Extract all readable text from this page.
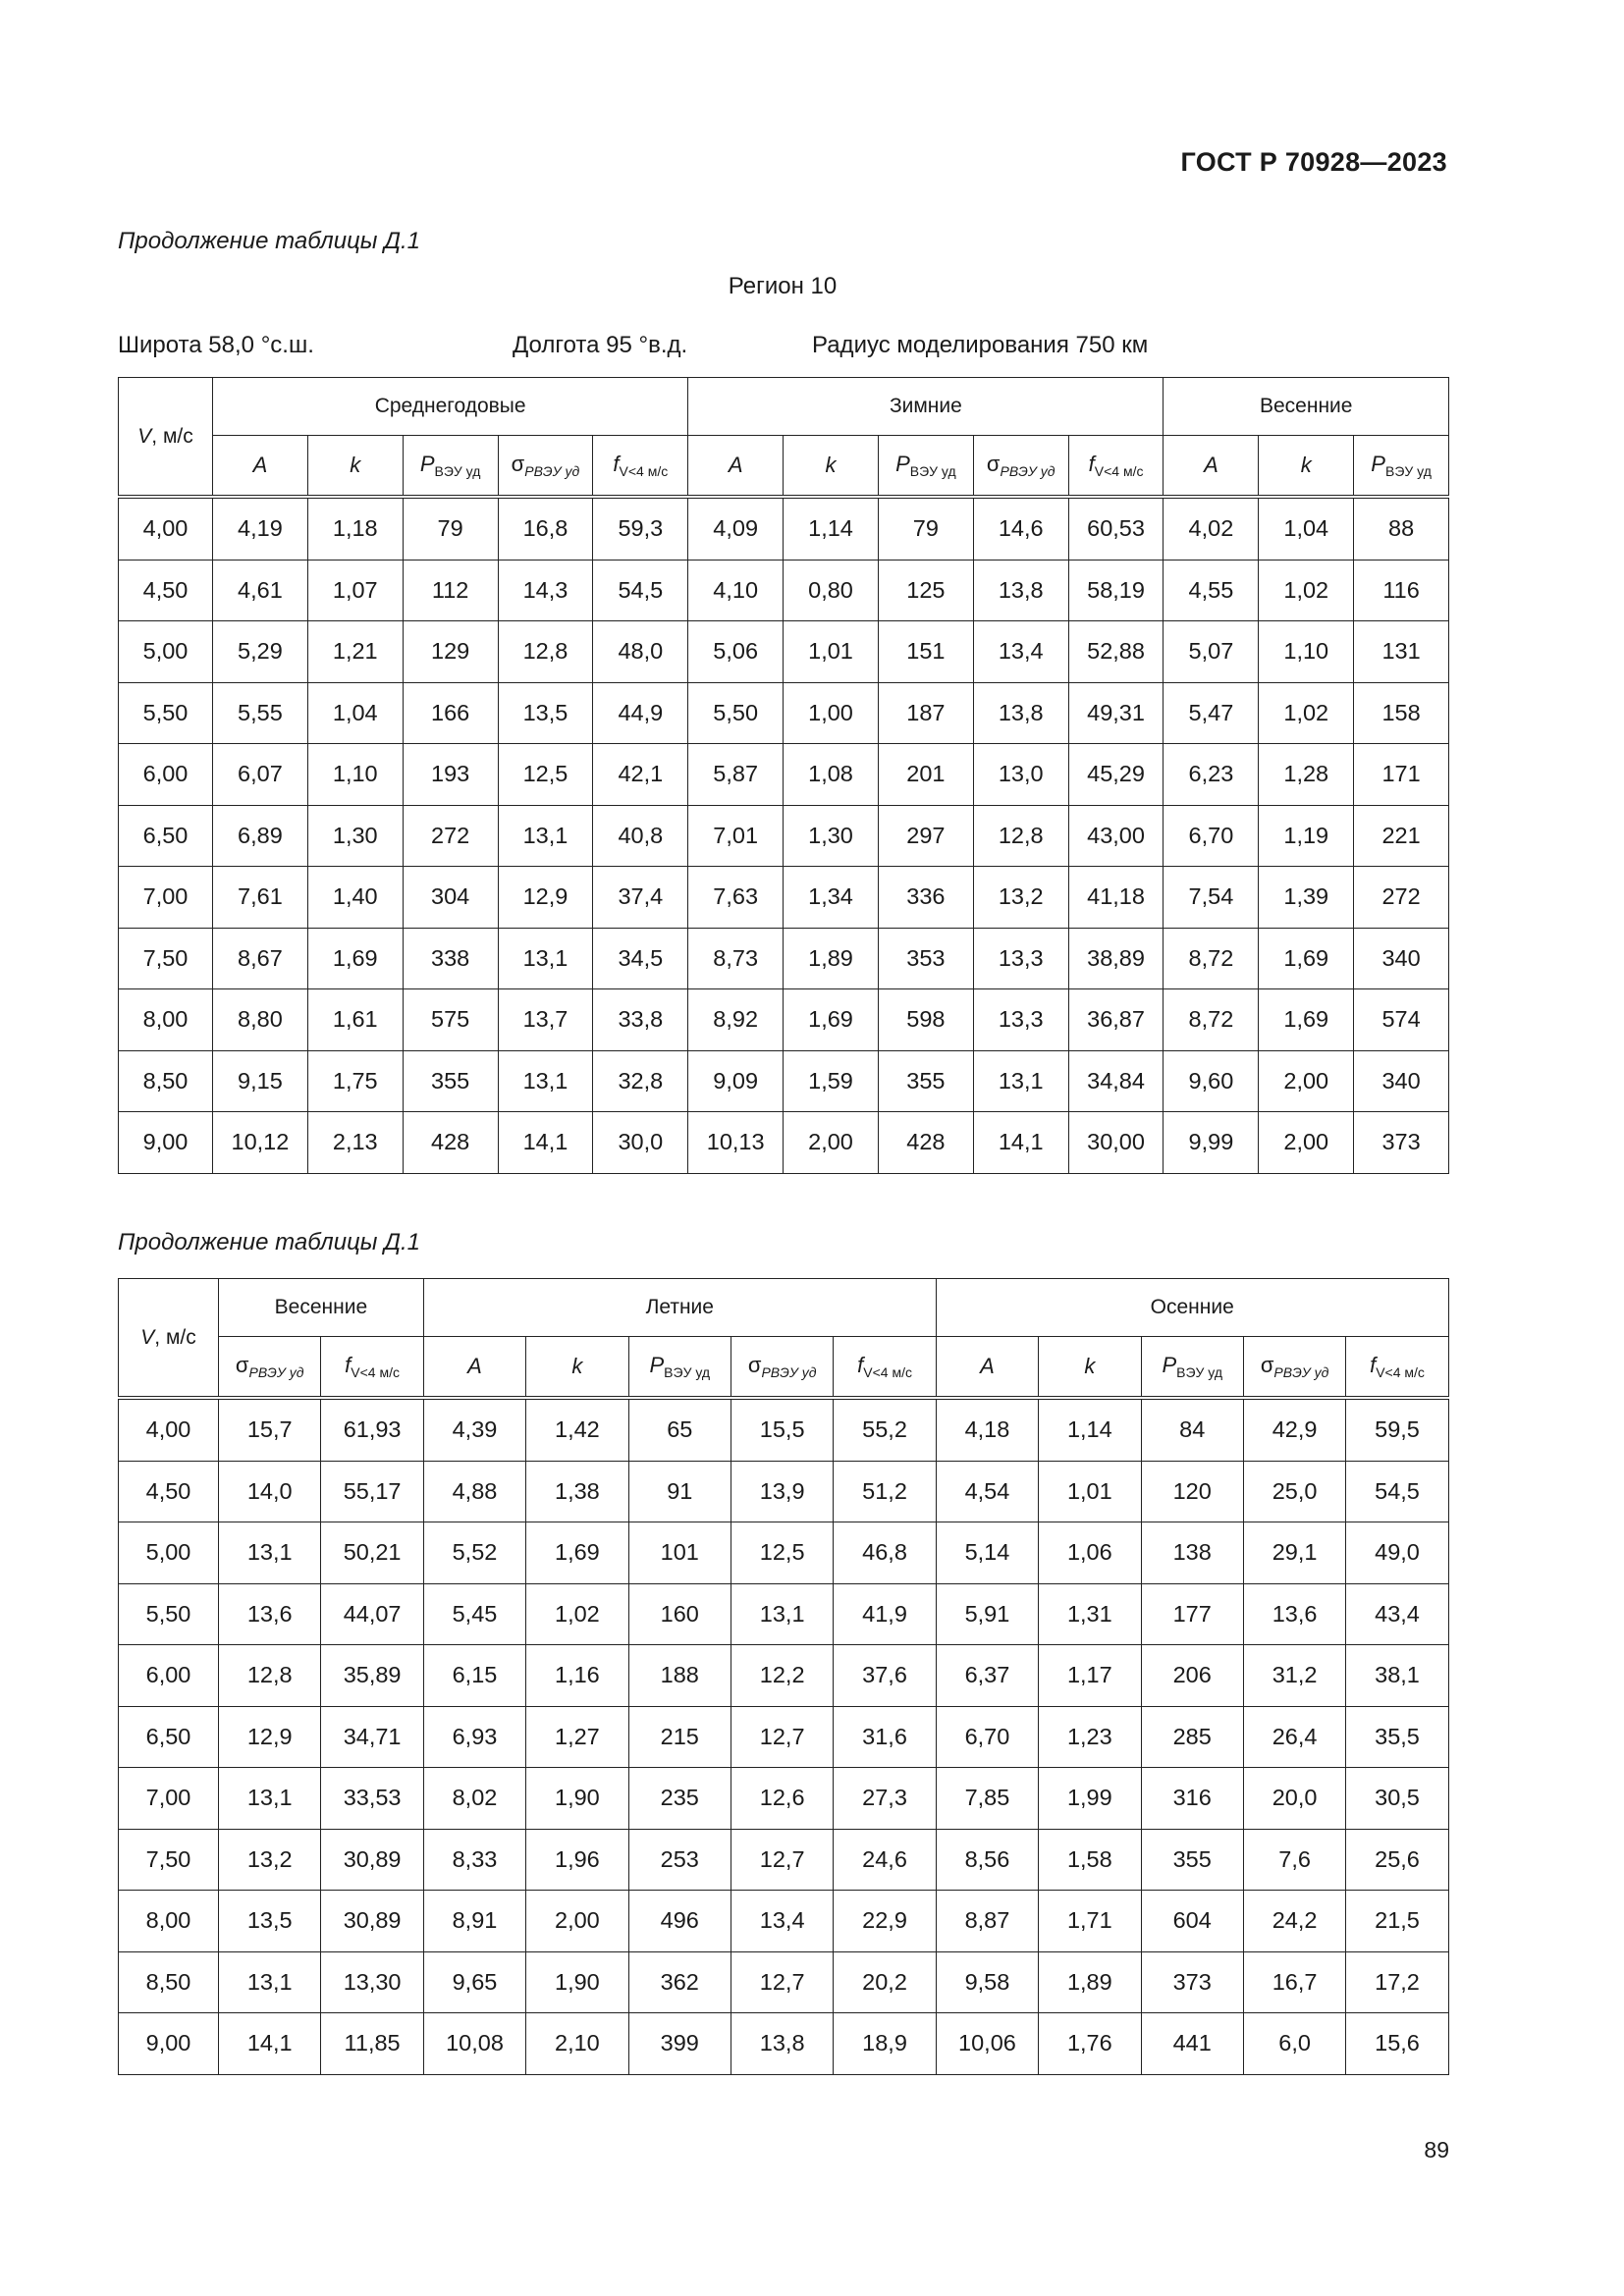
ГОСТ Р 70928—2023
Продолжение таблицы Д.1
Регион 10
Широта 58,0 °с.ш.	Долгота 95 °в.д.	Радиус моделирования 750 км
V, м/с	Среднегодовые					Зимние					Весенние		
	A	k	$P_{ВЭУ уд}$	$\sigma_{PВЭУ уд}$	$f_{V<4 м/с}$	A	k	$P_{ВЭУ уд}$	$\sigma_{PВЭУ уд}$	$f_{V<4 м/с}$	A	k	$P_{ВЭУ уд}$
4,00	4,19	1,18	79	16,8	59,3	4,09	1,14	79	14,6	60,53	4,02	1,04	88
4,50	4,61	1,07	112	14,3	54,5	4,10	0,80	125	13,8	58,19	4,55	1,02	116
5,00	5,29	1,21	129	12,8	48,0	5,06	1,01	151	13,4	52,88	5,07	1,10	131
5,50	5,55	1,04	166	13,5	44,9	5,50	1,00	187	13,8	49,31	5,47	1,02	158
6,00	6,07	1,10	193	12,5	42,1	5,87	1,08	201	13,0	45,29	6,23	1,28	171
6,50	6,89	1,30	272	13,1	40,8	7,01	1,30	297	12,8	43,00	6,70	1,19	221
7,00	7,61	1,40	304	12,9	37,4	7,63	1,34	336	13,2	41,18	7,54	1,39	272
7,50	8,67	1,69	338	13,1	34,5	8,73	1,89	353	13,3	38,89	8,72	1,69	340
8,00	8,80	1,61	575	13,7	33,8	8,92	1,69	598	13,3	36,87	8,72	1,69	574
8,50	9,15	1,75	355	13,1	32,8	9,09	1,59	355	13,1	34,84	9,60	2,00	340
9,00	10,12	2,13	428	14,1	30,0	10,13	2,00	428	14,1	30,00	9,99	2,00	373
Продолжение таблицы Д.1
V, м/с	Весенние		Летние					Осенние				
	$\sigma_{PВЭУ уд}$	$f_{V<4 м/с}$	A	k	$P_{ВЭУ уд}$	$\sigma_{PВЭУ уд}$	$f_{V<4 м/с}$	A	k	$P_{ВЭУ уд}$	$\sigma_{PВЭУ уд}$	$f_{V<4 м/с}$
4,00	15,7	61,93	4,39	1,42	65	15,5	55,2	4,18	1,14	84	42,9	59,5
4,50	14,0	55,17	4,88	1,38	91	13,9	51,2	4,54	1,01	120	25,0	54,5
5,00	13,1	50,21	5,52	1,69	101	12,5	46,8	5,14	1,06	138	29,1	49,0
5,50	13,6	44,07	5,45	1,02	160	13,1	41,9	5,91	1,31	177	13,6	43,4
6,00	12,8	35,89	6,15	1,16	188	12,2	37,6	6,37	1,17	206	31,2	38,1
6,50	12,9	34,71	6,93	1,27	215	12,7	31,6	6,70	1,23	285	26,4	35,5
7,00	13,1	33,53	8,02	1,90	235	12,6	27,3	7,85	1,99	316	20,0	30,5
7,50	13,2	30,89	8,33	1,96	253	12,7	24,6	8,56	1,58	355	7,6	25,6
8,00	13,5	30,89	8,91	2,00	496	13,4	22,9	8,87	1,71	604	24,2	21,5
8,50	13,1	13,30	9,65	1,90	362	12,7	20,2	9,58	1,89	373	16,7	17,2
9,00	14,1	11,85	10,08	2,10	399	13,8	18,9	10,06	1,76	441	6,0	15,6
89
